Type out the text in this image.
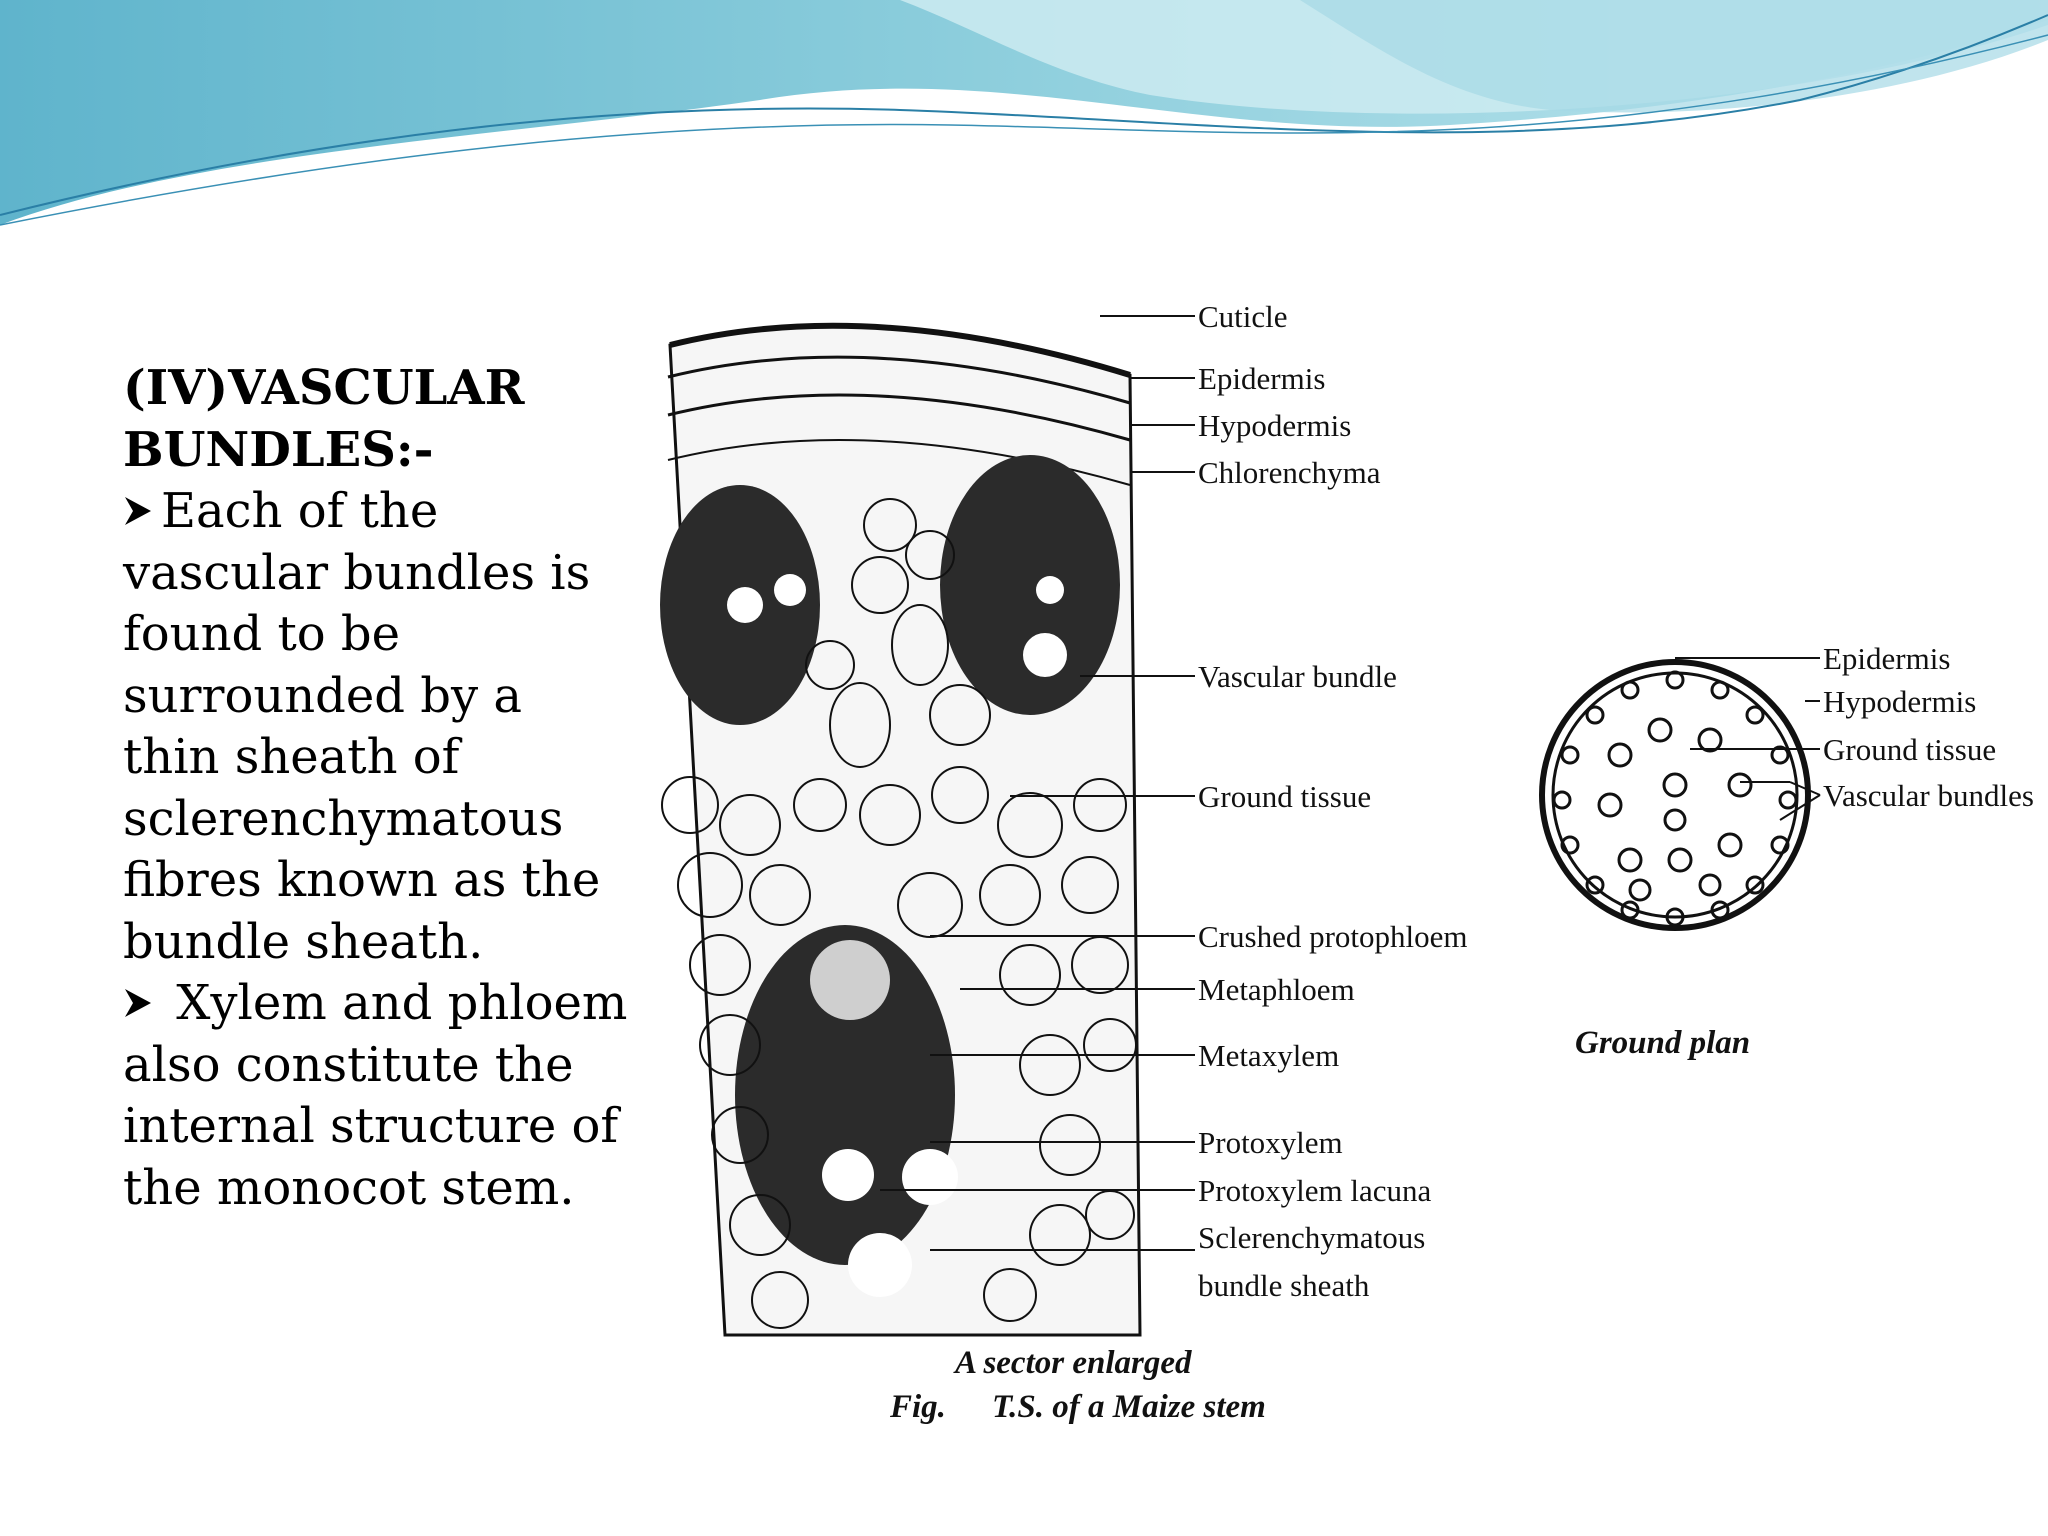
(IV)VASCULAR
BUNDLES:-

Each of the vascular bundles is found to be surrounded by a thin sheath of sclerenchymatous fibres known as the bundle sheath.

Xylem and phloem also constitute the internal structure of the monocot stem.

Cuticle
Epidermis
Hypodermis
Chlorenchyma
Vascular bundle
Ground tissue
Crushed protophloem
Metaphloem
Metaxylem
Protoxylem
Protoxylem lacuna
Sclerenchymatous
bundle sheath
Epidermis
Hypodermis
Ground tissue
Vascular bundles
Ground plan
A sector enlarged
Fig. T.S. of a Maize stem
